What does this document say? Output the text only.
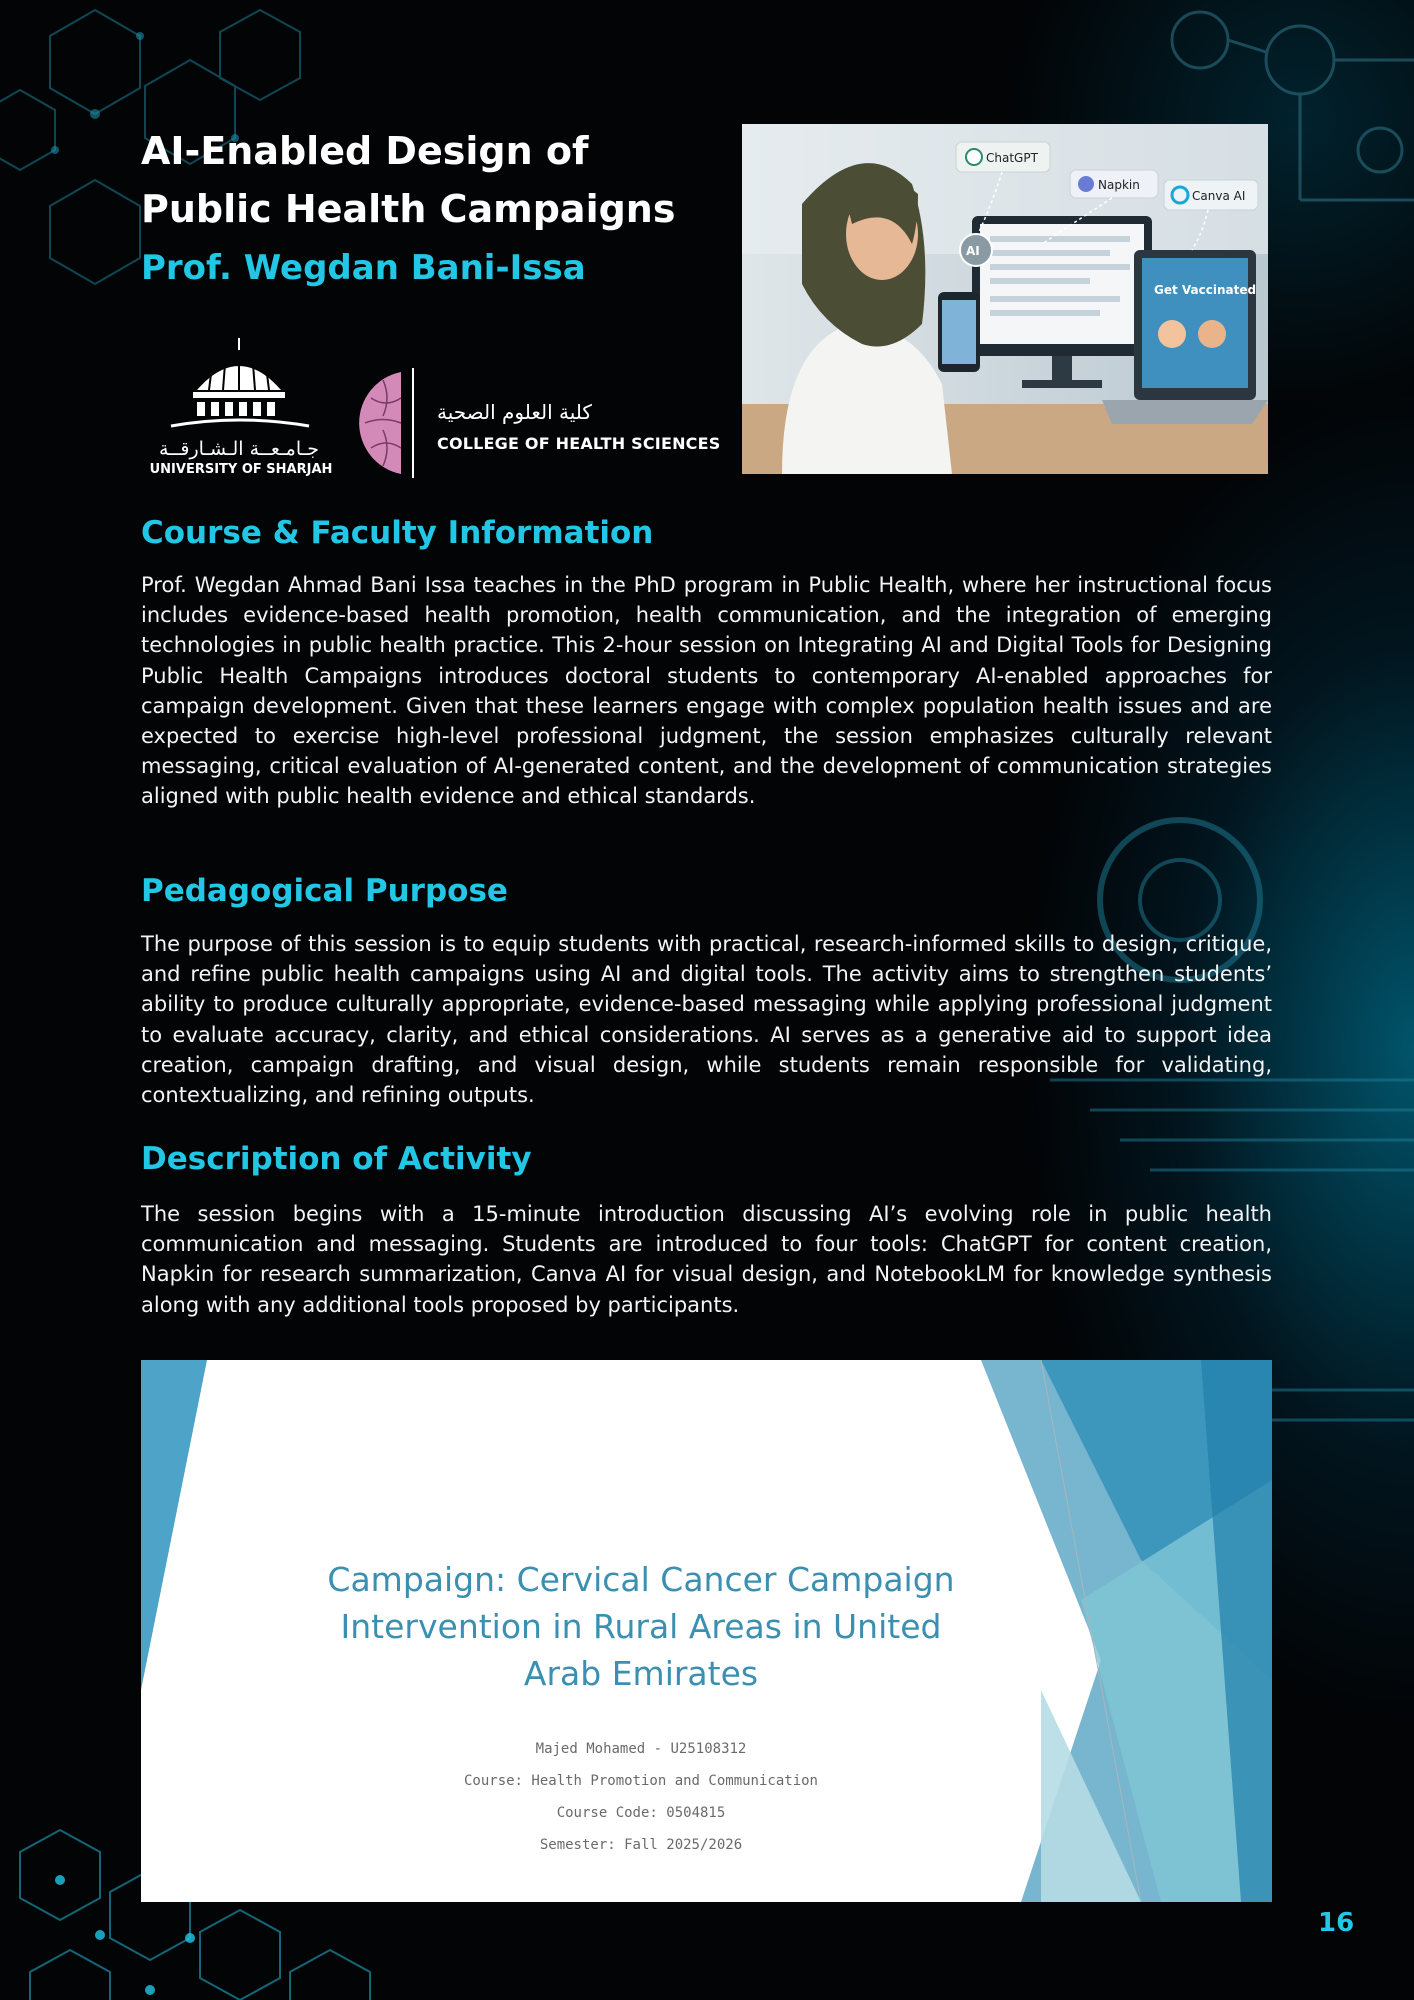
AI-Enabled Design of
Public Health Campaigns
Prof. Wegdan Bani-Issa
جـامـعــة الـشـارقــة
UNIVERSITY OF SHARJAH
كلية العلوم الصحية
COLLEGE OF HEALTH SCIENCES
Get Vaccinated
ChatGPT
Napkin
Canva AI
AI
Course & Faculty Information

Prof. Wegdan Ahmad Bani Issa teaches in the PhD program in Public Health, where her instructional focus includes evidence-based health promotion, health communication, and the integration of emerging technologies in public health practice. This 2-hour session on Integrating AI and Digital Tools for Designing Public Health Campaigns introduces doctoral students to contemporary AI-enabled approaches for campaign development. Given that these learners engage with complex population health issues and are expected to exercise high-level professional judgment, the session emphasizes culturally relevant messaging, critical evaluation of AI-generated content, and the development of communication strategies aligned with public health evidence and ethical standards.

Pedagogical Purpose

The purpose of this session is to equip students with practical, research-informed skills to design, critique, and refine public health campaigns using AI and digital tools. The activity aims to strengthen students’ ability to produce culturally appropriate, evidence-based messaging while applying professional judgment to evaluate accuracy, clarity, and ethical considerations. AI serves as a generative aid to support idea creation, campaign drafting, and visual design, while students remain responsible for validating, contextualizing, and refining outputs.

Description of Activity

The session begins with a 15-minute introduction discussing AI’s evolving role in public health communication and messaging. Students are introduced to four tools: ChatGPT for content creation, Napkin for research summarization, Canva AI for visual design, and NotebookLM for knowledge synthesis along with any additional tools proposed by participants.

Campaign: Cervical Cancer Campaign
Intervention in Rural Areas in United
Arab Emirates
Majed Mohamed - U25108312
Course: Health Promotion and Communication
Course Code: 0504815
Semester: Fall 2025/2026
16
